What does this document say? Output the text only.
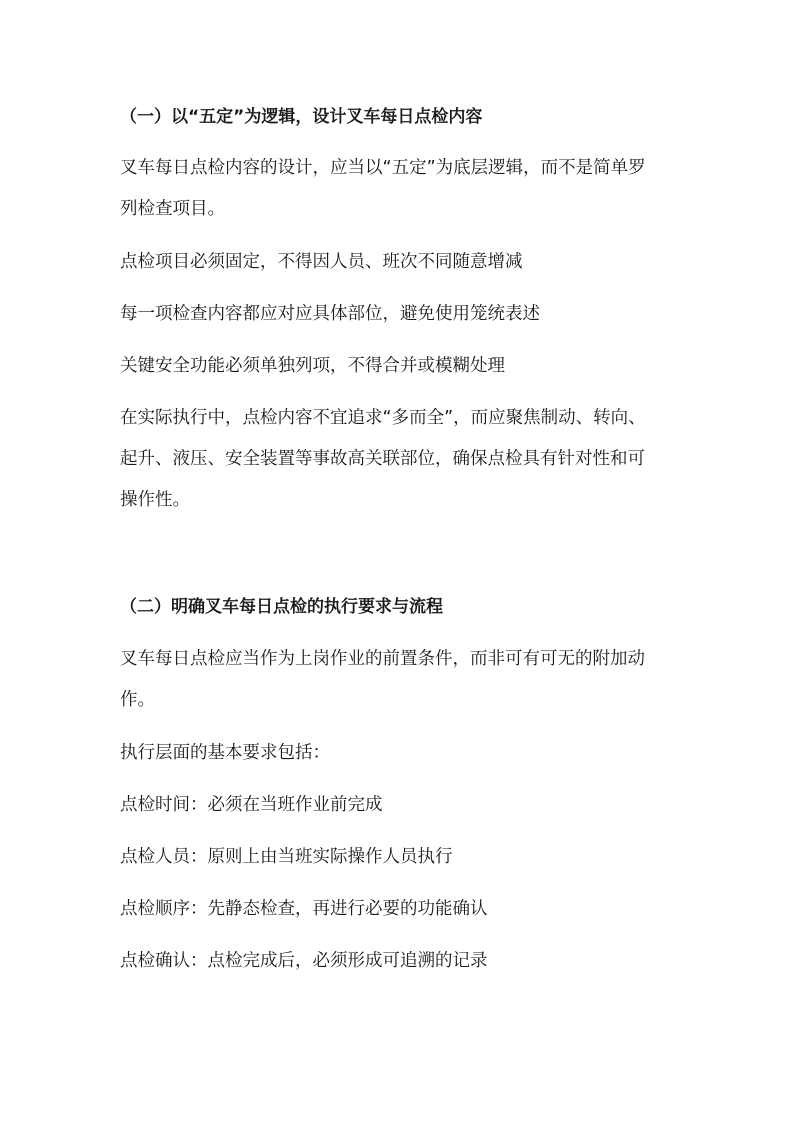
（一）以“五定”为逻辑，设计叉车每日点检内容

叉车每日点检内容的设计，应当以“五定”为底层逻辑，而不是简单罗

列检查项目。

点检项目必须固定，不得因人员、班次不同随意增减

每一项检查内容都应对应具体部位，避免使用笼统表述

关键安全功能必须单独列项，不得合并或模糊处理

在实际执行中，点检内容不宜追求“多而全”，而应聚焦制动、转向、

起升、液压、安全装置等事故高关联部位，确保点检具有针对性和可

操作性。

（二）明确叉车每日点检的执行要求与流程

叉车每日点检应当作为上岗作业的前置条件，而非可有可无的附加动

作。

执行层面的基本要求包括：

点检时间：必须在当班作业前完成

点检人员：原则上由当班实际操作人员执行

点检顺序：先静态检查，再进行必要的功能确认

点检确认：点检完成后，必须形成可追溯的记录
